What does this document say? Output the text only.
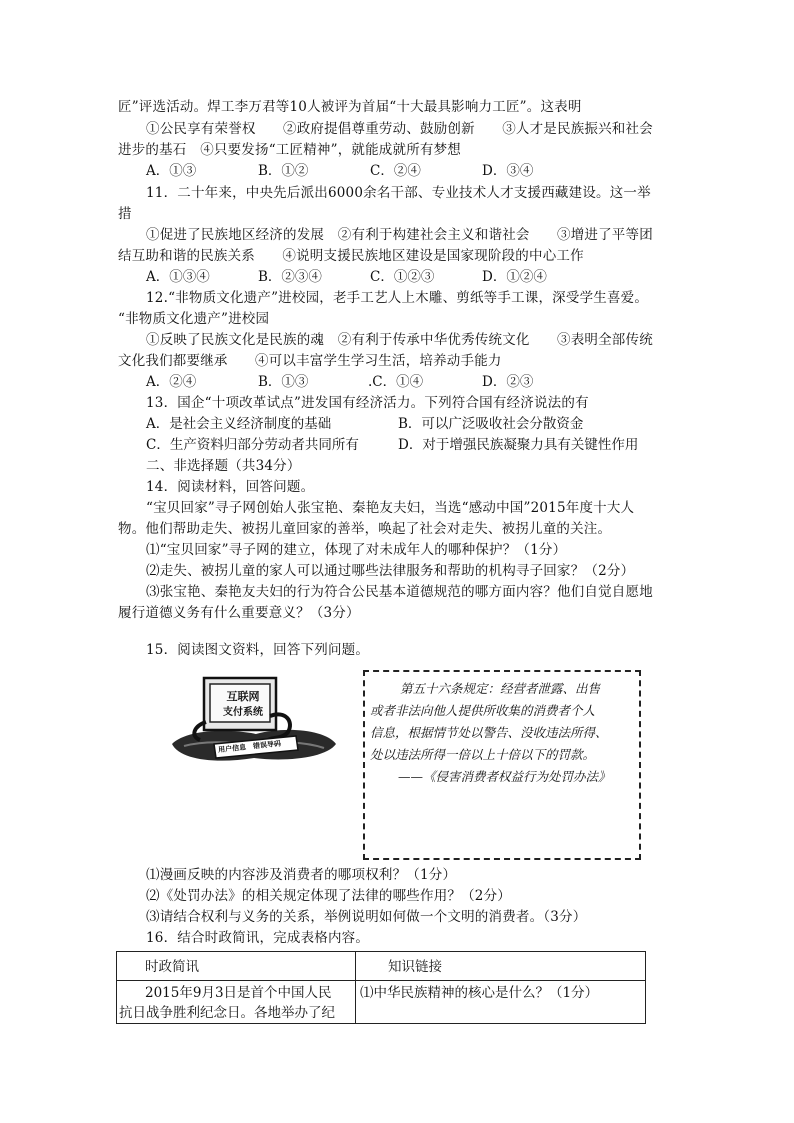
匠”评选活动。焊工李万君等10人被评为首届“十大最具影响力工匠”。这表明
①公民享有荣誉权　　②政府提倡尊重劳动、鼓励创新　　③人才是民族振兴和社会
进步的基石　④只要发扬“工匠精神”，就能成就所有梦想
A．①③	B．①②	C．②④	D．③④
11．二十年来，中央先后派出6000余名干部、专业技术人才支援西藏建设。这一举
措
①促进了民族地区经济的发展　②有利于构建社会主义和谐社会　　③增进了平等团
结互助和谐的民族关系　　④说明支援民族地区建设是国家现阶段的中心工作
A．①③④	B．②③④	C．①②③	D．①②④
12.“非物质文化遗产”进校园，老手工艺人上木雕、剪纸等手工课，深受学生喜爱。
“非物质文化遗产”进校园
①反映了民族文化是民族的魂　②有利于传承中华优秀传统文化　　③表明全部传统
文化我们都要继承　　④可以丰富学生学习生活，培养动手能力
A．②④	B．①③	.C．①④	D．②③
13．国企“十项改革试点”进发国有经济活力。下列符合国有经济说法的有
A．是社会主义经济制度的基础	B．可以广泛吸收社会分散资金
C．生产资料归部分劳动者共同所有	D．对于增强民族凝聚力具有关键性作用
二、非选择题（共34分）
14．阅读材料，回答问题。
“宝贝回家”寻子网创始人张宝艳、秦艳友夫妇，当选“感动中国”2015年度十大人
物。他们帮助走失、被拐儿童回家的善举，唤起了社会对走失、被拐儿童的关注。
⑴“宝贝回家”寻子网的建立，体现了对未成年人的哪种保护？（1分）
⑵走失、被拐儿童的家人可以通过哪些法律服务和帮助的机构寻子回家？（2分）
⑶张宝艳、秦艳友夫妇的行为符合公民基本道德规范的哪方面内容？他们自觉自愿地
履行道德义务有什么重要意义？（3分）
15．阅读图文资料，回答下列问题。
互联网
支付系统
用户信息　错误导码
第五十六条规定：经营者泄露、出售
或者非法向他人提供所收集的消费者个人
信息，根据情节处以警告、没收违法所得、
处以违法所得一倍以上十倍以下的罚款。
——《侵害消费者权益行为处罚办法》
⑴漫画反映的内容涉及消费者的哪项权利？（1分）
⑵《处罚办法》的相关规定体现了法律的哪些作用？（2分）
⑶请结合权利与义务的关系，举例说明如何做一个文明的消费者。（3分）
16．结合时政简讯，完成表格内容。
时政简讯	知识链接

2015年9月3日是首个中国人民
抗日战争胜利纪念日。各地举办了纪	⑴中华民族精神的核心是什么？（1分）
